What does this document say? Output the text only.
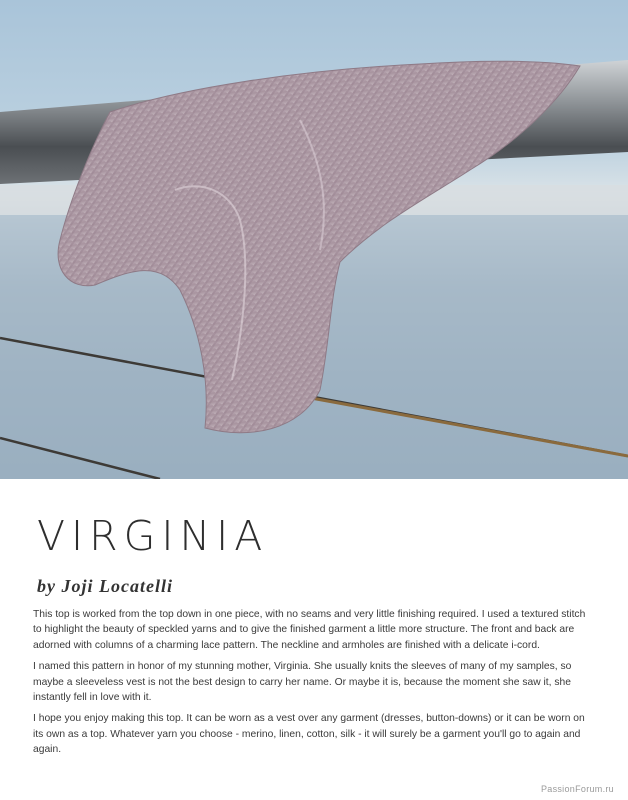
VIRGINIA

by Joji Locatelli

This top is worked from the top down in one piece, with no seams and very little finishing required. I used a textured stitch to highlight the beauty of speckled yarns and to give the finished garment a little more structure. The front and back are adorned with columns of a charming lace pattern. The neckline and armholes are finished with a delicate i-cord.

I named this pattern in honor of my stunning mother, Virginia. She usually knits the sleeves of many of my samples, so maybe a sleeveless vest is not the best design to carry her name. Or maybe it is, because the moment she saw it, she instantly fell in love with it.

I hope you enjoy making this top. It can be worn as a vest over any garment (dresses, button-downs) or it can be worn on its own as a top. Whatever yarn you choose - merino, linen, cotton, silk - it will surely be a garment you'll go to again and again.

PassionForum.ru
